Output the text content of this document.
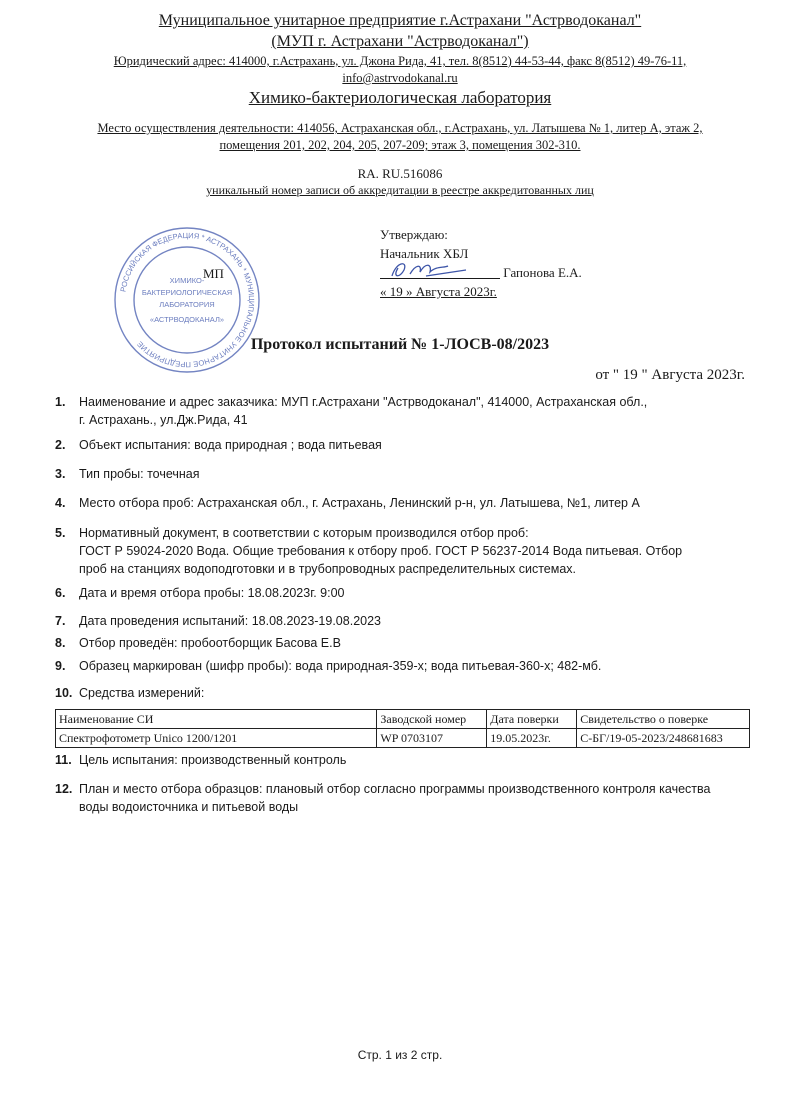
Муниципальное унитарное предприятие г.Астрахани "Астрводоканал"
(МУП г. Астрахани "Астрводоканал")
Юридический адрес: 414000, г.Астрахань, ул. Джона Рида, 41, тел. 8(8512) 44-53-44, факс 8(8512) 49-76-11,
info@astrvodokanal.ru
Химико-бактериологическая лаборатория
Место осуществления деятельности: 414056, Астраханская обл., г.Астрахань, ул. Латышева № 1, литер А, этаж 2,
помещения 201, 202, 204, 205, 207-209; этаж 3, помещения 302-310.
RA. RU.516086
уникальный номер записи об аккредитации в реестре аккредитованных лиц
РОССИЙСКАЯ ФЕДЕРАЦИЯ * АСТРАХАНЬ * МУНИЦИПАЛЬНОЕ УНИТАРНОЕ ПРЕДПРИЯТИЕ
ХИМИКО-
БАКТЕРИОЛОГИЧЕСКАЯ
ЛАБОРАТОРИЯ
«АСТРВОДОКАНАЛ»
МП
Утверждаю:
Начальник ХБЛ
Гапонова Е.А.
« 19 » Августа 2023г.
Протокол испытаний № 1-ЛОСВ-08/2023
от " 19 " Августа 2023г.
1.	Наименование и адрес заказчика: МУП г.Астрахани "Астрводоканал", 414000, Астраханская обл.,
г. Астрахань., ул.Дж.Рида, 41
2.	Объект испытания: вода природная ; вода питьевая
3.	Тип пробы: точечная
4.	Место отбора проб: Астраханская обл., г. Астрахань, Ленинский р-н, ул. Латышева, №1, литер А
5.	Нормативный документ, в соответствии с которым производился отбор проб:
ГОСТ Р 59024-2020 Вода. Общие требования к отбору проб. ГОСТ Р 56237-2014 Вода питьевая. Отбор
проб на станциях водоподготовки и в трубопроводных распределительных системах.
6.	Дата и время отбора пробы: 18.08.2023г. 9:00
7.	Дата проведения испытаний: 18.08.2023-19.08.2023
8.	Отбор проведён: пробоотборщик Басова Е.В
9.	Образец маркирован (шифр пробы): вода природная-359-х; вода питьевая-360-х; 482-мб.
10. Средства измерений:
11. Цель испытания: производственный контроль
12. План и место отбора образцов: плановый отбор согласно программы производственного контроля качества
воды водоисточника и питьевой воды
Наименование СИ	Заводской номер	Дата поверки	Свидетельство о поверке
Спектрофотометр Unico 1200/1201	WP 0703107	19.05.2023г.	С-БГ/19-05-2023/248681683
Стр. 1 из 2 стр.
